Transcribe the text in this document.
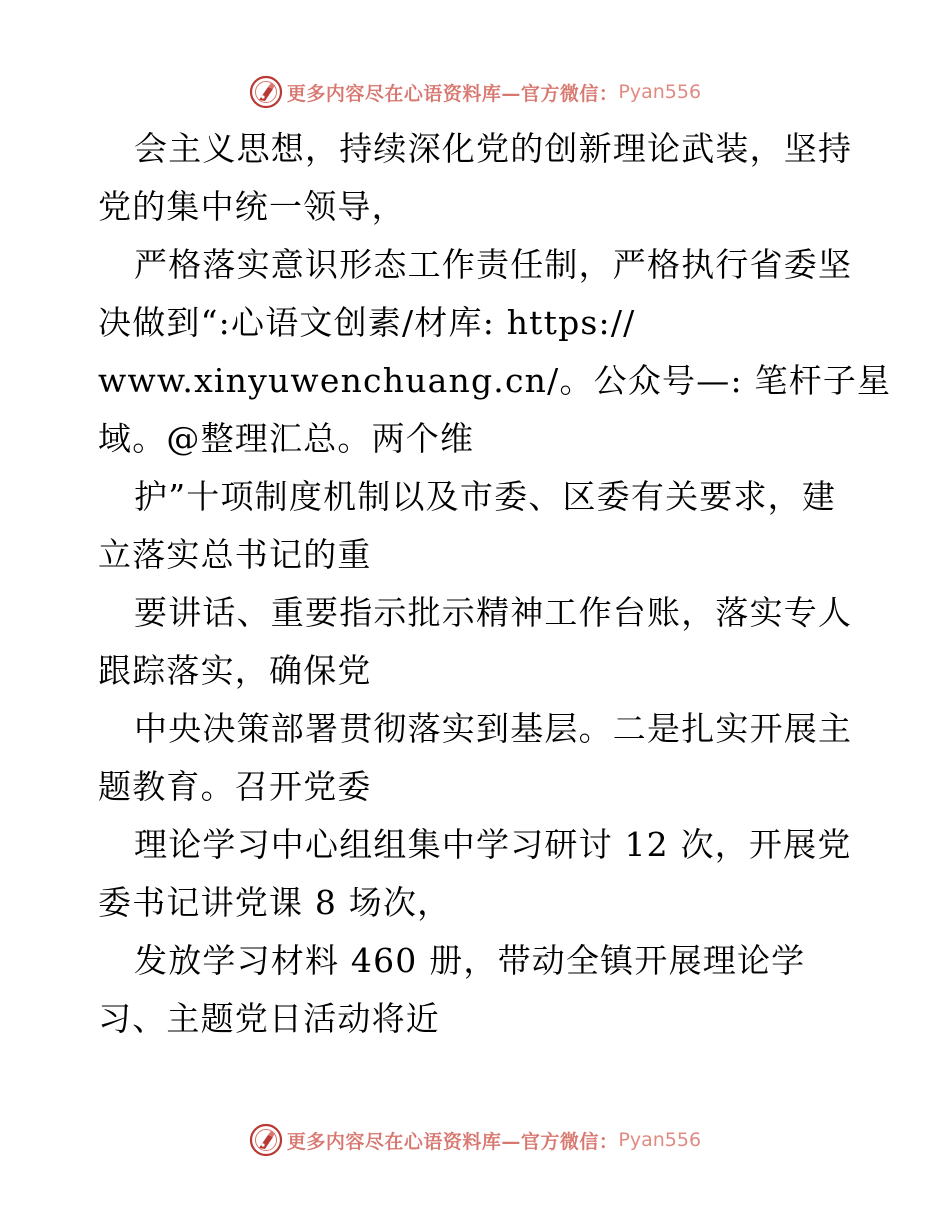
更多内容尽在心语资料库—官方微信： Pyan556
会主义思想，持续深化党的创新理论武装，坚持
党的集中统一领导，
严格落实意识形态工作责任制，严格执行省委坚
决做到“:心语文创素/材库: https://
www.xinyuwenchuang.cn/。公众号—: 笔杆子星
域。@整理汇总。两个维
护”十项制度机制以及市委、区委有关要求，建
立落实总书记的重
要讲话、重要指示批示精神工作台账，落实专人
跟踪落实，确保党
中央决策部署贯彻落实到基层。二是扎实开展主
题教育。召开党委
理论学习中心组组集中学习研讨 12 次，开展党
委书记讲党课 8 场次，
发放学习材料 460 册，带动全镇开展理论学
习、主题党日活动将近
更多内容尽在心语资料库—官方微信： Pyan556
